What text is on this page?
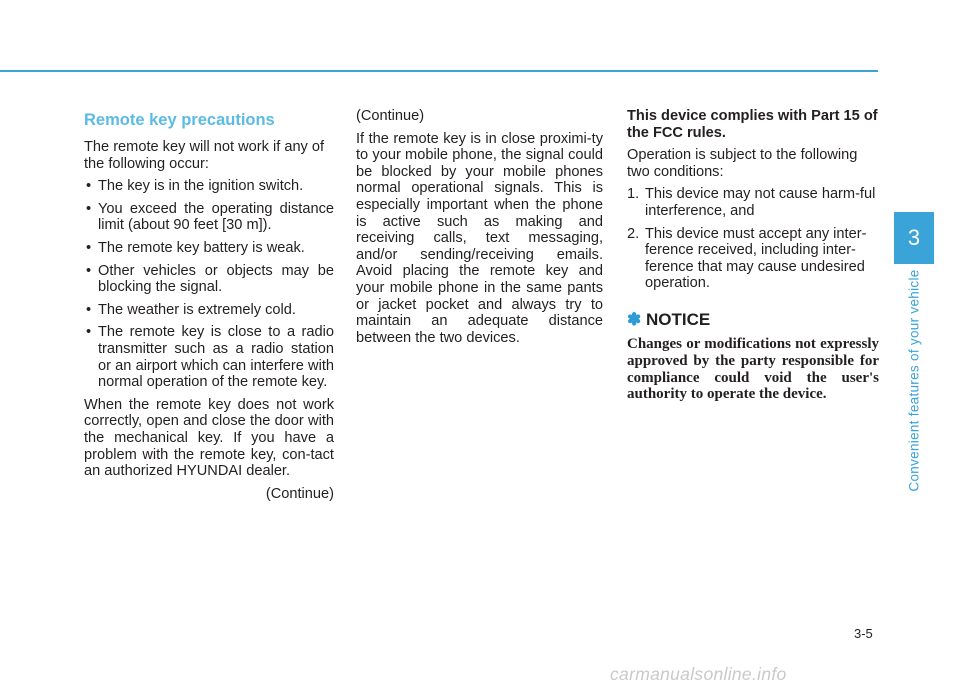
Remote key precautions

The remote key will not work if any of the following occur:

• The key is in the ignition switch.
• You exceed the operating distance limit (about 90 feet [30 m]).
• The remote key battery is weak.
• Other vehicles or objects may be blocking the signal.
• The weather is extremely cold.
• The remote key is close to a radio transmitter such as a radio station or an airport which can interfere with normal operation of the remote key.

When the remote key does not work correctly, open and close the door with the mechanical key. If you have a problem with the remote key, con-tact an authorized HYUNDAI dealer.

(Continue)

(Continue)

If the remote key is in close proximi-ty to your mobile phone, the signal could be blocked by your mobile phones normal operational signals. This is especially important when the phone is active such as making and receiving calls, text messaging, and/or sending/receiving emails. Avoid placing the remote key and your mobile phone in the same pants or jacket pocket and always try to maintain an adequate distance between the two devices.

This device complies with Part 15 of the FCC rules.

Operation is subject to the following two conditions:

1. This device may not cause harm-ful interference, and
2. This device must accept any inter-ference received, including inter-ference that may cause undesired operation.

✽ NOTICE

Changes or modifications not expressly approved by the party responsible for compliance could void the user's authority to operate the device.

3
Convenient features of your vehicle
3-5
carmanualsonline.info
